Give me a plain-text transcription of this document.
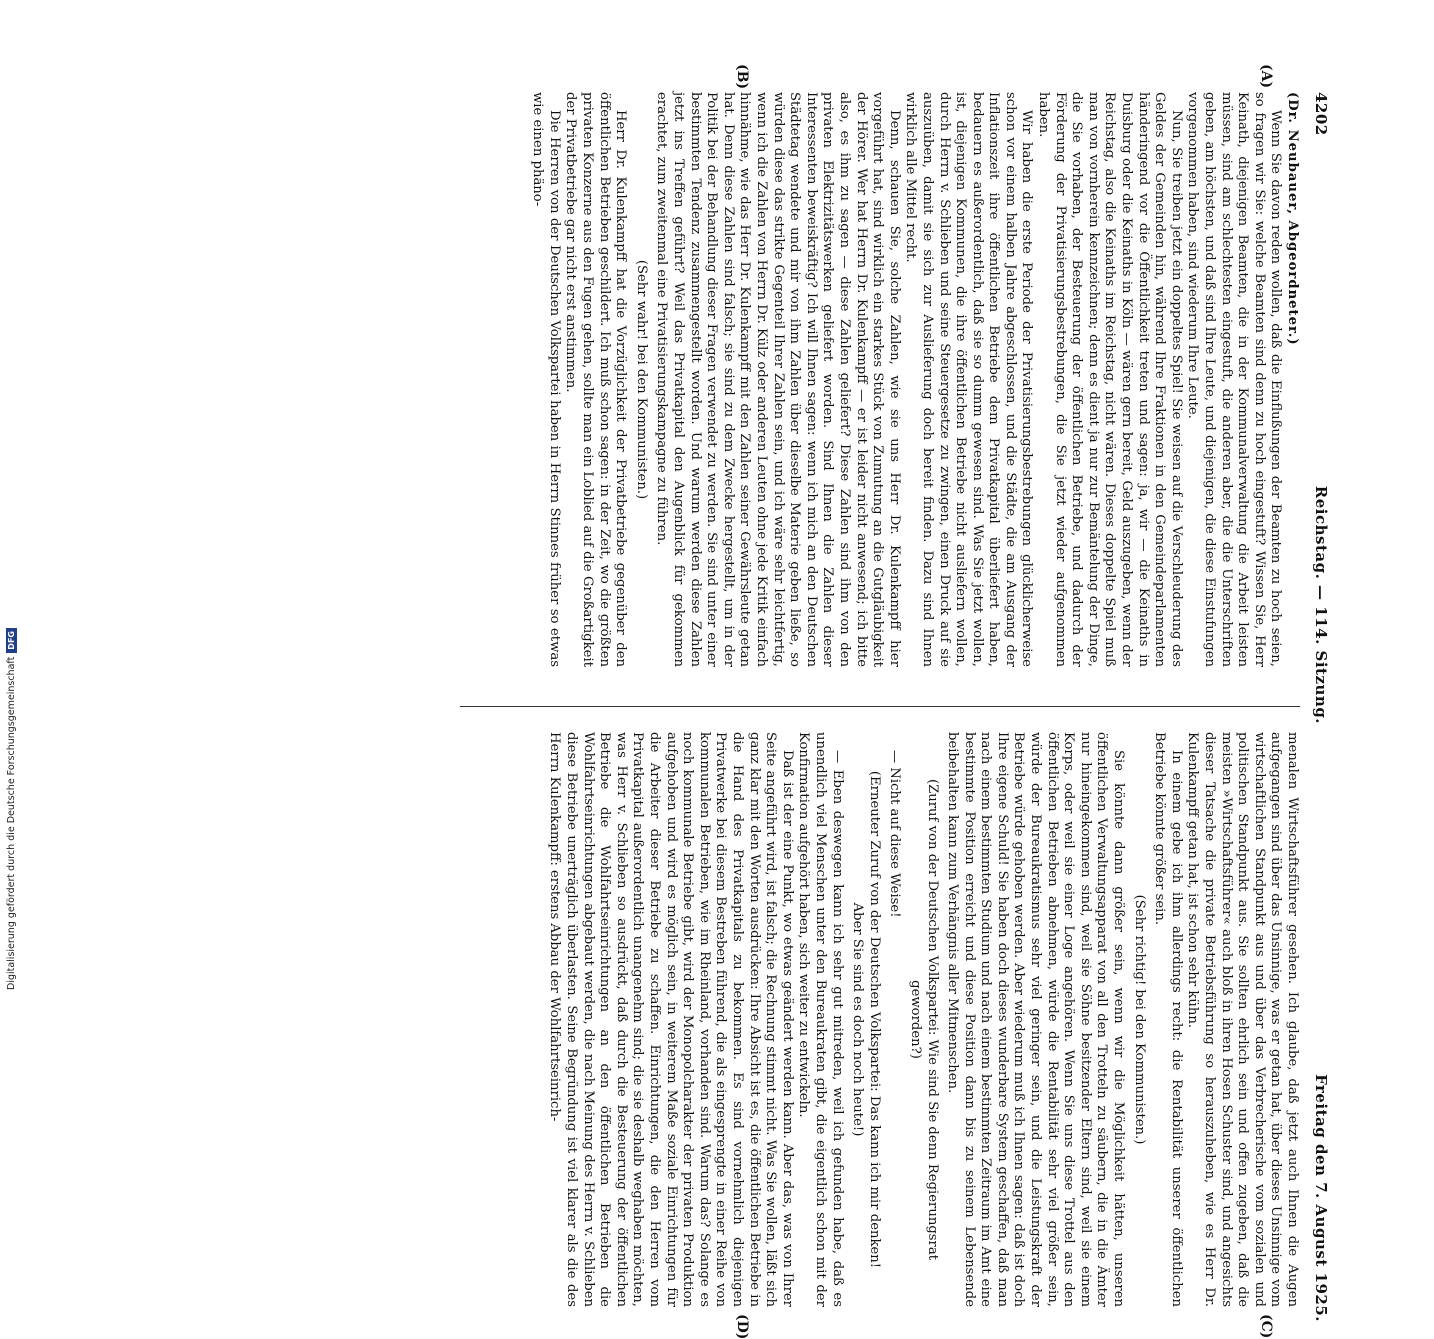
4202
Reichstag. — 114. Sitzung.
Freitag den 7. August 1925.
(A)
(B)
(C)
(D)

(Dr. Neubauer, Abgeordneter.)

Wenn Sie davon reden wollen, daß die Einflußungen der Beamten zu hoch seien, so fragen wir Sie: welche Beamten sind denn zu hoch eingestuft? Wissen Sie, Herr Keinath, diejenigen Beamten, die in der Kommunalverwaltung die Arbeit leisten müssen, sind am schlechtesten eingestuft, die anderen aber, die die Unterschriften geben, am höchsten, und daß sind Ihre Leute, und diejenigen, die diese Einstufungen vorgenommen haben, sind wiederum Ihre Leute.

Nun, Sie treiben jetzt ein doppeltes Spiel! Sie weisen auf die Verschleuderung des Geldes der Gemeinden hin, während Ihre Fraktionen in den Gemeindeparlamenten händeringend vor die Öffentlichkeit treten und sagen: ja, wir — die Keinaths in Duisburg oder die Keinaths in Köln — wären gern bereit, Geld auszugeben, wenn der Reichstag, also die Keinaths im Reichstag, nicht wären. Dieses doppelte Spiel muß man von vornherein kennzeichnen; denn es dient ja nur zur Bemäntelung der Dinge, die Sie vorhaben, der Besteuerung der öffentlichen Betriebe, und dadurch der Förderung der Privatisierungsbestrebungen, die Sie jetzt wieder aufgenommen haben.

Wir haben die erste Periode der Privatisierungsbestrebungen glücklicherweise schon vor einem halben Jahre abgeschlossen, und die Städte, die am Ausgang der Inflationszeit ihre öffentlichen Betriebe dem Privatkapital überliefert haben, bedauern es außerordentlich, daß sie so dumm gewesen sind. Was Sie jetzt wollen, ist, diejenigen Kommunen, die ihre öffentlichen Betriebe nicht ausliefern wollen, durch Herrn v. Schlieben und seine Steuergesetze zu zwingen, einen Druck auf sie auszuüben, damit sie sich zur Auslieferung doch bereit finden. Dazu sind Ihnen wirklich alle Mittel recht.

Denn, schauen Sie, solche Zahlen, wie sie uns Herr Dr. Kulenkampff hier vorgeführt hat, sind wirklich ein starkes Stück von Zumutung an die Gutgläubigkeit der Hörer. Wer hat Herrn Dr. Kulenkampff — er ist leider nicht anwesend; ich bitte also, es ihm zu sagen — diese Zahlen geliefert? Diese Zahlen sind ihm von den privaten Elektrizitätswerken geliefert worden. Sind Ihnen die Zahlen dieser Interessenten beweiskräftig? Ich will Ihnen sagen: wenn ich mich an den Deutschen Städtetag wendete und mir von ihm Zahlen über dieselbe Materie geben ließe, so würden diese das strikte Gegenteil Ihrer Zahlen sein, und ich wäre sehr leichtfertig, wenn ich die Zahlen von Herrn Dr. Külz oder anderen Leuten ohne jede Kritik einfach hinnähme, wie das Herr Dr. Kulenkampff mit den Zahlen seiner Gewährsleute getan hat. Denn diese Zahlen sind falsch; sie sind zu dem Zwecke hergestellt, um in der Politik bei der Behandlung dieser Fragen verwendet zu werden. Sie sind unter einer bestimmten Tendenz zusammengestellt worden. Und warum werden diese Zahlen jetzt ins Treffen geführt? Weil das Privatkapital den Augenblick für gekommen erachtet, zum zweitenmal eine Privatisierungskampagne zu führen.

(Sehr wahr! bei den Kommunisten.)

Herr Dr. Kulenkampff hat die Vorzüglichkeit der Privatbetriebe gegenüber den öffentlichen Betrieben geschildert. Ich muß schon sagen: in der Zeit, wo die größten privaten Konzerne aus den Fugen gehen, sollte man ein Loblied auf die Großartigkeit der Privatbetriebe gar nicht erst anstimmen.

Die Herren von der Deutschen Volkspartei haben in Herrn Stinnes früher so etwas wie einen phäno-

menalen Wirtschaftsführer gesehen. Ich glaube, daß jetzt auch Ihnen die Augen aufgegangen sind über das Unsinnige, was er getan hat, über dieses Unsinnige vom wirtschaftlichen Standpunkt aus und über das Verbrecherische vom sozialen und politischen Standpunkt aus. Sie sollten ehrlich sein und offen zugeben, daß die meisten »Wirtschaftsführer« auch bloß in ihren Hosen Schuster sind, und angesichts dieser Tatsache die private Betriebsführung so herauszuheben, wie es Herr Dr. Kulenkampff getan hat, ist schon sehr kühn.

In einem gebe ich ihm allerdings recht: die Rentabilität unserer öffentlichen Betriebe könnte größer sein.

(Sehr richtig! bei den Kommunisten.)

Sie könnte dann größer sein, wenn wir die Möglichkeit hätten, unseren öffentlichen Verwaltungsapparat von all den Trotteln zu säubern, die in die Ämter nur hineingekommen sind, weil sie Söhne besitzender Eltern sind, weil sie einem Korps, oder weil sie einer Loge angehören. Wenn Sie uns diese Trottel aus den öffentlichen Betrieben abnehmen, würde die Rentabilität sehr viel größer sein, würde der Bureaukratismus sehr viel geringer sein, und die Leistungskraft der Betriebe würde gehoben werden. Aber wiederum muß ich Ihnen sagen: daß ist doch Ihre eigene Schuld! Sie haben doch dieses wunderbare System geschaffen, daß man nach einem bestimmten Studium und nach einem bestimmten Zeitraum im Amt eine bestimmte Position erreicht und diese Position dann bis zu seinem Lebensende beibehalten kann zum Verhängnis aller Mitmenschen.

(Zuruf von der Deutschen Volkspartei: Wie sind Sie denn Regierungsrat geworden?)

— Nicht auf diese Weise!

(Erneuter Zuruf von der Deutschen Volkspartei: Das kann ich mir denken! Aber Sie sind es doch noch heute!)

— Eben deswegen kann ich sehr gut mitreden, weil ich gefunden habe, daß es unendlich viel Menschen unter den Bureaukraten gibt, die eigentlich schon mit der Konfirmation aufgehört haben, sich weiter zu entwickeln.

Daß ist der eine Punkt, wo etwas geändert werden kann. Aber das, was von Ihrer Seite angeführt wird, ist falsch; die Rechnung stimmt nicht. Was Sie wollen, läßt sich ganz klar mit den Worten ausdrücken: Ihre Absicht ist es, die öffentlichen Betriebe in die Hand des Privatkapitals zu bekommen. Es sind vornehmlich diejenigen Privatwerke bei diesem Bestreben führend, die als eingesprengte in einer Reihe von kommunalen Betrieben, wie im Rheinland, vorhanden sind. Warum das? Solange es noch kommunale Betriebe gibt, wird der Monopolcharakter der privaten Produktion aufgehoben und wird es möglich sein, in weiterem Maße soziale Einrichtungen für die Arbeiter dieser Betriebe zu schaffen. Einrichtungen, die den Herren vom Privatkapital außerordentlich unangenehm sind; die sie deshalb weghaben möchten, was Herr v. Schlieben so ausdrückt, daß durch die Besteuerung der öffentlichen Betriebe die Wohlfahrtseinrichtungen an den öffentlichen Betrieben die Wohlfahrtseinrichtungen abgebaut werden, die nach Meinung des Herrn v. Schlieben diese Betriebe unerträglich überlasten. Seine Begründung ist viel klarer als die des Herrn Kulenkampff: erstens Abbau der Wohlfahrtseinrich-

Digitalisierung gefördert durch die Deutsche Forschungsgemeinschaft
DFG
